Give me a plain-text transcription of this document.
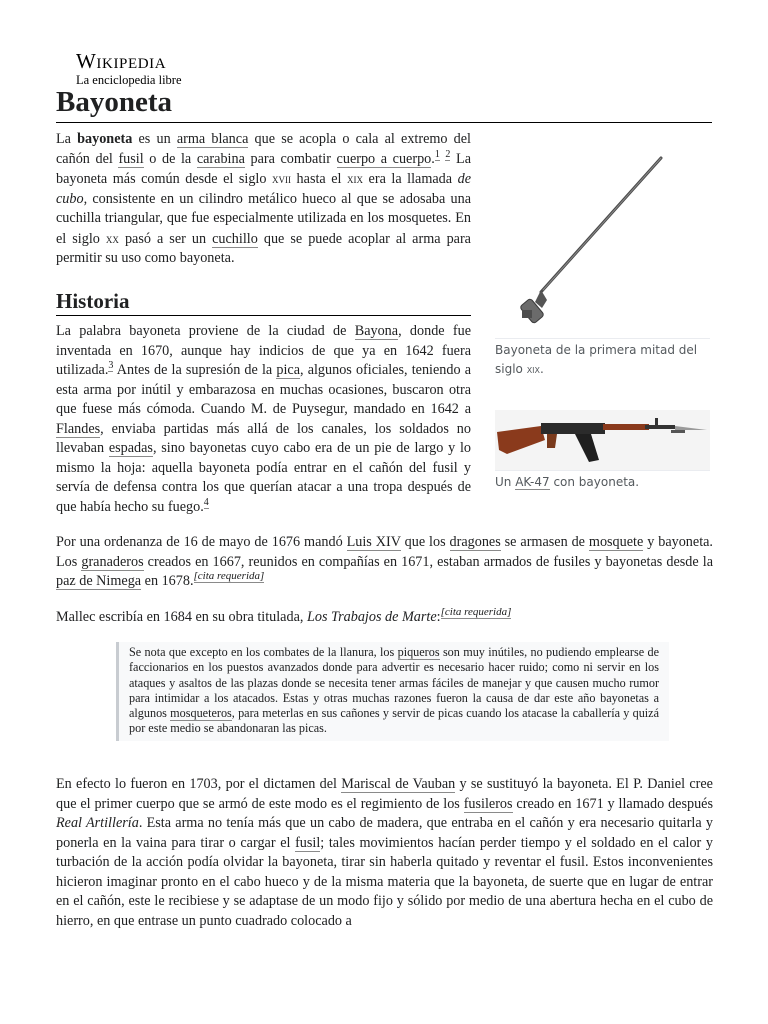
Wikipedia
La enciclopedia libre
Bayoneta

La bayoneta es un arma blanca que se acopla o cala al extremo del cañón del fusil o de la carabina para combatir cuerpo a cuerpo.$^1$ $^2$ La bayoneta más común desde el siglo xvii hasta el xix era la llamada de cubo, consistente en un cilindro metálico hueco al que se adosaba una cuchilla triangular, que fue especialmente utilizada en los mosquetes. En el siglo xx pasó a ser un cuchillo que se puede acoplar al arma para permitir su uso como bayoneta.

Historia

La palabra bayoneta proviene de la ciudad de Bayona, donde fue inventada en 1670, aunque hay indicios de que ya en 1642 fuera utilizada.$^3$ Antes de la supresión de la pica, algunos oficiales, teniendo a esta arma por inútil y embarazosa en muchas ocasiones, buscaron otra que fuese más cómoda. Cuando M. de Puysegur, mandado en 1642 a Flandes, enviaba partidas más allá de los canales, los soldados no llevaban espadas, sino bayonetas cuyo cabo era de un pie de largo y lo mismo la hoja: aquella bayoneta podía entrar en el cañón del fusil y servía de defensa contra los que querían atacar a una tropa después de que había hecho su fuego.$^4$

Bayoneta de la primera mitad del siglo xix.
Un AK-47 con bayoneta.

Por una ordenanza de 16 de mayo de 1676 mandó Luis XIV que los dragones se armasen de mosquete y bayoneta. Los granaderos creados en 1667, reunidos en compañías en 1671, estaban armados de fusiles y bayonetas desde la paz de Nimega en 1678.[cita requerida]

Mallec escribía en 1684 en su obra titulada, Los Trabajos de Marte:[cita requerida]

Se nota que excepto en los combates de la llanura, los piqueros son muy inútiles, no pudiendo emplearse de faccionarios en los puestos avanzados donde para advertir es necesario hacer ruido; como ni servir en los ataques y asaltos de las plazas donde se necesita tener armas fáciles de manejar y que causen mucho rumor para intimidar a los atacados. Estas y otras muchas razones fueron la causa de dar este año bayonetas a algunos mosqueteros, para meterlas en sus cañones y servir de picas cuando los atacase la caballería y quizá por este medio se abandonaran las picas.

En efecto lo fueron en 1703, por el dictamen del Mariscal de Vauban y se sustituyó la bayoneta. El P. Daniel cree que el primer cuerpo que se armó de este modo es el regimiento de los fusileros creado en 1671 y llamado después Real Artillería. Esta arma no tenía más que un cabo de madera, que entraba en el cañón y era necesario quitarla y ponerla en la vaina para tirar o cargar el fusil; tales movimientos hacían perder tiempo y el soldado en el calor y turbación de la acción podía olvidar la bayoneta, tirar sin haberla quitado y reventar el fusil. Estos inconvenientes hicieron imaginar pronto en el cabo hueco y de la misma materia que la bayoneta, de suerte que en lugar de entrar en el cañón, este le recibiese y se adaptase de un modo fijo y sólido por medio de una abertura hecha en el cubo de hierro, en que entrase un punto cuadrado colocado a
